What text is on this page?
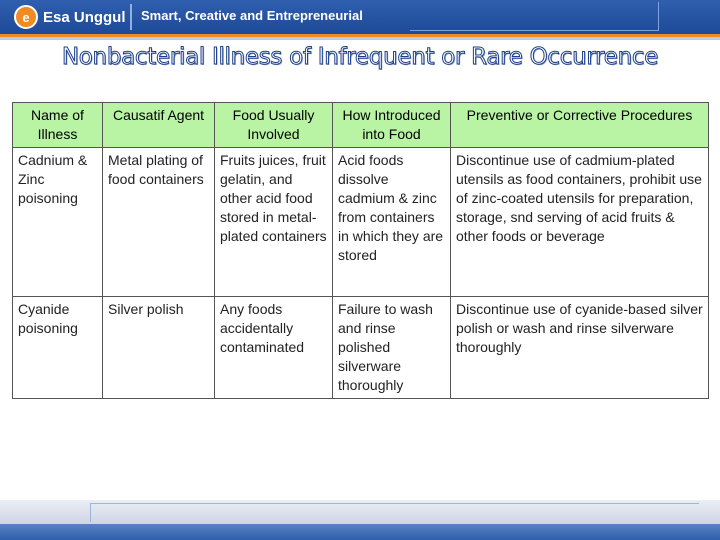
e Esa Unggul Smart, Creative and Entrepreneurial
Nonbacterial Illness of Infrequent or Rare Occurrence
Name of Illness	Causatif Agent	Food Usually Involved	How Introduced into Food	Preventive or Corrective Procedures
Cadnium & Zinc poisoning	Metal plating of food containers	Fruits juices, fruit gelatin, and other acid food stored in metal-plated containers	Acid foods dissolve cadmium & zinc from containers in which they are stored	Discontinue use of cadmium-plated utensils as food containers, prohibit use of zinc-coated utensils for preparation, storage, snd serving of acid fruits & other foods or beverage
Cyanide poisoning	Silver polish	Any foods accidentally contaminated	Failure to wash and rinse polished silverware thoroughly	Discontinue use of cyanide-based silver polish or wash and rinse silverware thoroughly
